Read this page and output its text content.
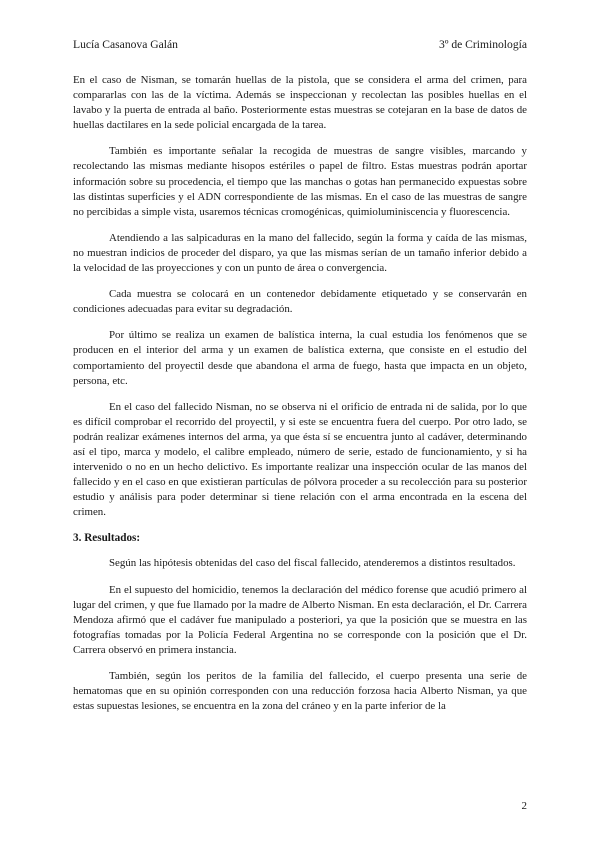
Lucía Casanova Galán	3º de Criminología

En el caso de Nisman, se tomarán huellas de la pistola, que se considera el arma del crimen, para compararlas con las de la víctima. Además se inspeccionan y recolectan las posibles huellas en el lavabo y la puerta de entrada al baño. Posteriormente estas muestras se cotejaran en la base de datos de huellas dactilares en la sede policial encargada de la tarea.

También es importante señalar la recogida de muestras de sangre visibles, marcando y recolectando las mismas mediante hisopos estériles o papel de filtro. Estas muestras podrán aportar información sobre su procedencia, el tiempo que las manchas o gotas han permanecido expuestas sobre las distintas superficies y el ADN correspondiente de las mismas. En el caso de las muestras de sangre no percibidas a simple vista, usaremos técnicas cromogénicas, quimioluminiscencia y fluorescencia.

Atendiendo a las salpicaduras en la mano del fallecido, según la forma y caída de las mismas, no muestran indicios de proceder del disparo, ya que las mismas serían de un tamaño inferior debido a la velocidad de las proyecciones y con un punto de área o convergencia.

Cada muestra se colocará en un contenedor debidamente etiquetado y se conservarán en condiciones adecuadas para evitar su degradación.

Por último se realiza un examen de balística interna, la cual estudia los fenómenos que se producen en el interior del arma y un examen de balística externa, que consiste en el estudio del comportamiento del proyectil desde que abandona el arma de fuego, hasta que impacta en un objeto, persona, etc.

En el caso del fallecido Nisman, no se observa ni el orificio de entrada ni de salida, por lo que es difícil comprobar el recorrido del proyectil, y si este se encuentra fuera del cuerpo. Por otro lado, se podrán realizar exámenes internos del arma, ya que ésta sí se encuentra junto al cadáver, determinando así el tipo, marca y modelo, el calibre empleado, número de serie, estado de funcionamiento, y si ha intervenido o no en un hecho delictivo. Es importante realizar una inspección ocular de las manos del fallecido y en el caso en que existieran partículas de pólvora proceder a su recolección para su posterior estudio y análisis para poder determinar si tiene relación con el arma encontrada en la escena del crimen.

3. Resultados:

Según las hipótesis obtenidas del caso del fiscal fallecido, atenderemos a distintos resultados.

En el supuesto del homicidio, tenemos la declaración del médico forense que acudió primero al lugar del crimen, y que fue llamado por la madre de Alberto Nisman. En esta declaración, el Dr. Carrera Mendoza afirmó que el cadáver fue manipulado a posteriori, ya que la posición que se muestra en las fotografías tomadas por la Policía Federal Argentina no se corresponde con la posición que el Dr. Carrera observó en primera instancia.

También, según los peritos de la familia del fallecido, el cuerpo presenta una serie de hematomas que en su opinión corresponden con una reducción forzosa hacia Alberto Nisman, ya que estas supuestas lesiones, se encuentra en la zona del cráneo y en la parte inferior de la

2
